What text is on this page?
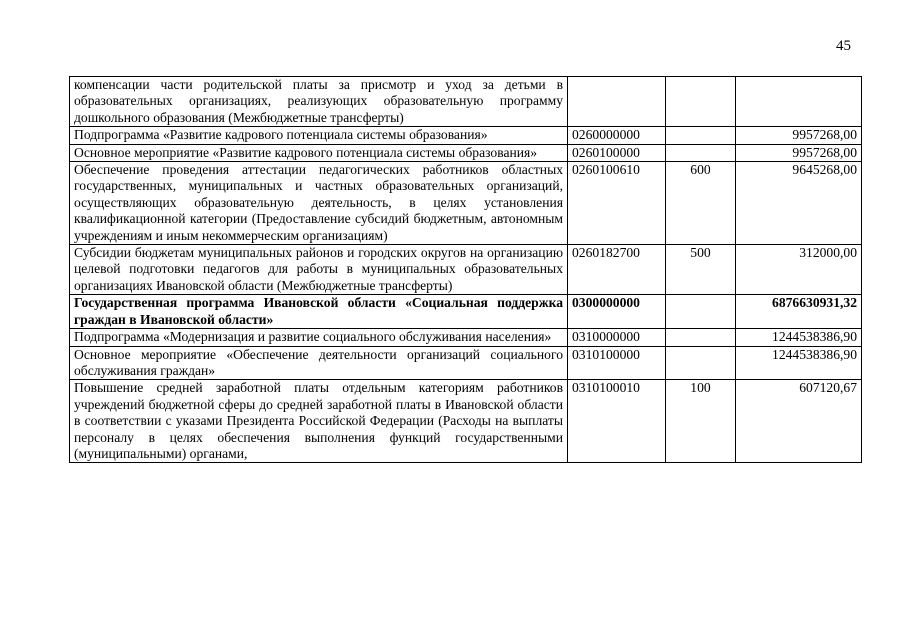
45
компенсации части родительской платы за присмотр и уход за детьми в образовательных организациях, реализующих образовательную программу дошкольного образования (Межбюджетные трансферты)			
Подпрограмма «Развитие кадрового потенциала системы образования»	0260000000		9957268,00
Основное мероприятие «Развитие кадрового потенциала системы образования»	0260100000		9957268,00
Обеспечение проведения аттестации педагогических работников областных государственных, муниципальных и частных образовательных организаций, осуществляющих образовательную деятельность, в целях установления квалификационной категории (Предоставление субсидий бюджетным, автономным учреждениям и иным некоммерческим организациям)	0260100610	600	9645268,00
Субсидии бюджетам муниципальных районов и городских округов на организацию целевой подготовки педагогов для работы в муниципальных образовательных организациях Ивановской области (Межбюджетные трансферты)	0260182700	500	312000,00
Государственная программа Ивановской области «Социальная поддержка граждан в Ивановской области»	0300000000		6876630931,32
Подпрограмма «Модернизация и развитие социального обслуживания населения»	0310000000		1244538386,90
Основное мероприятие «Обеспечение деятельности организаций социального обслуживания граждан»	0310100000		1244538386,90
Повышение средней заработной платы отдельным категориям работников учреждений бюджетной сферы до средней заработной платы в Ивановской области в соответствии с указами Президента Российской Федерации (Расходы на выплаты персоналу в целях обеспечения выполнения функций государственными (муниципальными) органами,	0310100010	100	607120,67
